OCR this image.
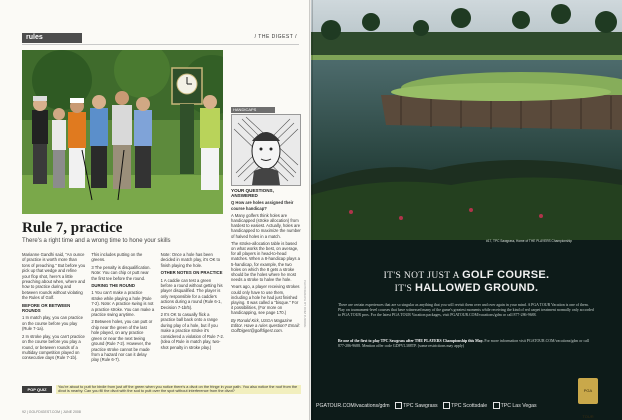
rules	/ THE DIGEST /
Rule 7, practice
There's a right time and a wrong time to hone your skills

Marianne Gandhi said, "An ounce of practice is worth more than tons of preaching." But before you pick up that wedge and refine your flop shot, here's a little preaching about when, where and how to practice during and between rounds without violating the Rules of Golf.

BEFORE OR BETWEEN ROUNDS

1 In match play, you can practice on the course before you play (Rule 7-1a).

2 In stroke play, you can't practice on the course before you play a round, or between rounds of a multiday competition played on consecutive days (Rule 7-1b). This includes putting on the greens.

3 The penalty is disqualification. Note: You can chip or putt near the first tee before the round.

DURING THE ROUND

1 You can't make a practice stroke while playing a hole (Rule 7-2). Note: A practice swing is not a practice stroke. You can make a practice swing anytime.

2 Between holes, you can putt or chip near the green of the last hole played, on any practice green or near the next teeing ground (Rule 7-2). However, the practice stroke cannot be made from a hazard nor can it delay play (Rule 6-7).

Note: Once a hole has been decided in match play, it's OK to finish playing the hole.

OTHER NOTES ON PRACTICE

1 A caddie can test a green before a round without getting his player disqualified. The player is only responsible for a caddie's actions during a round (Rule 6-1, Decision 7-1b/5).

2 It's OK to casually flick a practice ball back onto a range during play of a hole, but if you make a practice stroke it's considered a violation of Rule 7-2. (Idea of Rule in match play, two-shot penalty in stroke play.)

HANDICAPS
YOUR QUESTIONS, ANSWERED

Q How are holes assigned their course handicap?

A Many golfers think holes are handicapped (stroke allocation) from hardest to easiest. Actually, holes are handicapped to maximize the number of halved holes in a match.

The stroke-allocation table is based on what works the best, on average, for all players in head-to-head matches. When a 8-handicap plays a 5-handicap, for example, the two holes on which the 8 gets a stroke should be the holes where he most needs a stroke to halve the hole.

Years ago, a player receiving strokes could only have to use them, including a hole he had just finished playing. It was called a "bisque." For it possibilities, (For more on handicapping, see page 170.)

By Ronald Kirk, USGA Magazine Editor. Have a rules question? Email: GolfDigest@golfdigest.com.

PHOTOGRAPH BY DOM FURORE
POP QUIZ	You're about to putt for birdie from just off the green when you notice there's a divot on the fringe in your path. You also notice the roof from the divot is nearby. Can you fill the divot with the sod to putt over the spot without interference from the divot?
92 | GOLFDIGEST.COM | JUNE 2008
#17, TPC Sawgrass, Home of THE PLAYERS Championship
IT'S NOT JUST A GOLF COURSE.
IT'S HALLOWED GROUND.
There are certain experiences that are so singular as anything that you will revisit them over and over again in your mind. A PGA TOUR Vacation is one of them. Play on tournament-level courses that have witnessed many of the game's greatest moments while receiving the kind of red carpet treatment normally only accorded to PGA TOUR pros. For the latest PGA TOUR Vacation packages, visit PGATOUR.COM/vacations/gdm or call 877-286-9688.
Be one of the first to play TPC Sawgrass after THE PLAYERS Championship this May. For more information visit PGATOUR.COM/vacations/gdm or call 877-286-9688. Mention offer code GDPVL388TP. (some restrictions may apply)
PGA TOUR
PGATOUR.COM/vacations/gdm	TPC Sawgrass	TPC Scottsdale	TPC Las Vegas
